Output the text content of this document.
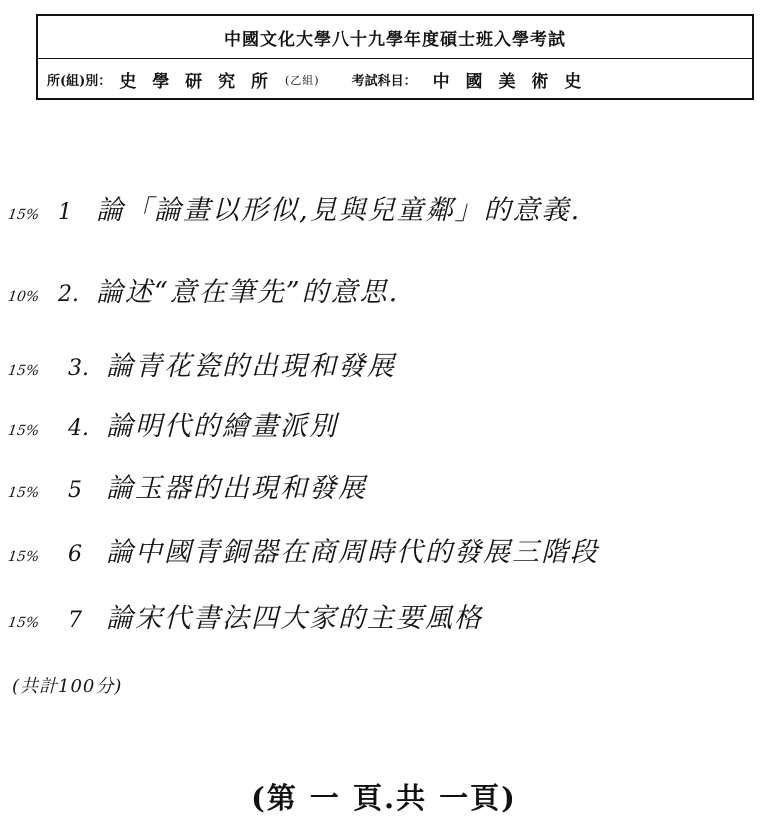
中國文化大學八十九學年度碩士班入學考試
所(組)別： 史 學 研 究 所 (乙組) 考試科目： 中 國 美 術 史
15% 1 論「論畫以形似,見與兒童鄰」的意義.
10% 2. 論述“意在筆先”的意思.
15%	3. 論青花瓷的出現和發展
15%	4. 論明代的繪畫派別
15%	5 論玉器的出現和發展
15%	6 論中國青銅器在商周時代的發展三階段
15%	7 論宋代書法四大家的主要風格
(共計100分)
(第 一 頁.共 一頁)
